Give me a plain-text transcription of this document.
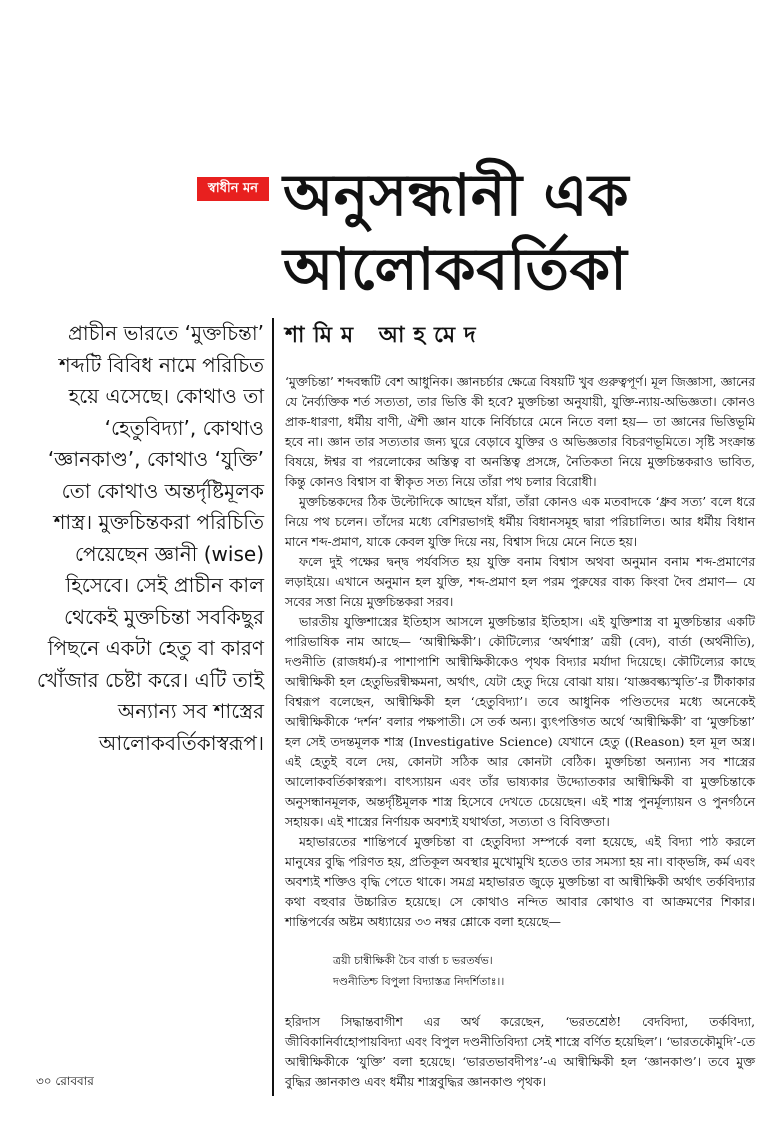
স্বাধীন মন অনুসন্ধানী এক
আলোকবর্তিকা
শামিম আহমেদ
প্রাচীন ভারতে ‘মুক্তচিন্তা’ শব্দটি বিবিধ নামে পরিচিত হয়ে এসেছে। কোথাও তা ‘হেতুবিদ্যা’, কোথাও ‘জ্ঞানকাণ্ড’, কোথাও ‘যুক্তি’ তো কোথাও অন্তর্দৃষ্টিমূলক শাস্ত্র। মুক্তচিন্তকরা পরিচিতি পেয়েছেন জ্ঞানী (wise) হিসেবে। সেই প্রাচীন কাল থেকেই মুক্তচিন্তা সবকিছুর পিছনে একটা হেতু বা কারণ খোঁজার চেষ্টা করে। এটি তাই অন্যান্য সব শাস্ত্রের আলোকবর্তিকাস্বরূপ।

‘মুক্তচিন্তা’ শব্দবন্ধটি বেশ আধুনিক। জ্ঞানচর্চার ক্ষেত্রে বিষয়টি খুব গুরুত্বপূর্ণ। মূল জিজ্ঞাসা, জ্ঞানের যে নৈর্ব্যক্তিক শর্ত সত্যতা, তার ভিত্তি কী হবে? মুক্তচিন্তা অনুযায়ী, যুক্তি-ন্যায়-অভিজ্ঞতা। কোনও প্রাক-ধারণা, ধর্মীয় বাণী, ঐশী জ্ঞান যাকে নির্বিচারে মেনে নিতে বলা হয়— তা জ্ঞানের ভিত্তিভূমি হবে না। জ্ঞান তার সত্যতার জন্য ঘুরে বেড়াবে যুক্তির ও অভিজ্ঞতার বিচরণভূমিতে। সৃষ্টি সংক্রান্ত বিষয়ে, ঈশ্বর বা পরলোকের অস্তিত্ব বা অনস্তিত্ব প্রসঙ্গে, নৈতিকতা নিয়ে মুক্তচিন্তকরাও ভাবিত, কিন্তু কোনও বিশ্বাস বা স্বীকৃত সত্য নিয়ে তাঁরা পথ চলার বিরোধী।

মুক্তচিন্তকদের ঠিক উল্টোদিকে আছেন যাঁরা, তাঁরা কোনও এক মতবাদকে ‘ধ্রুব সত্য’ বলে ধরে নিয়ে পথ চলেন। তাঁদের মধ্যে বেশিরভাগই ধর্মীয় বিধানসমূহ দ্বারা পরিচালিত। আর ধর্মীয় বিধান মানে শব্দ-প্রমাণ, যাকে কেবল যুক্তি দিয়ে নয়, বিশ্বাস দিয়ে মেনে নিতে হয়।

ফলে দুই পক্ষের দ্বন্দ্ব পর্যবসিত হয় যুক্তি বনাম বিশ্বাস অথবা অনুমান বনাম শব্দ-প্রমাণের লড়াইয়ে। এখানে অনুমান হল যুক্তি, শব্দ-প্রমাণ হল পরম পুরুষের বাক্য কিংবা দৈব প্রমাণ— যে সবের সত্তা নিয়ে মুক্তচিন্তকরা সরব।

ভারতীয় যুক্তিশাস্ত্রের ইতিহাস আসলে মুক্তচিন্তার ইতিহাস। এই যুক্তিশাস্ত্র বা মুক্তচিন্তার একটি পারিভাষিক নাম আছে— ‘আন্বীক্ষিকী’। কৌটিল্যের ‘অর্থশাস্ত্র’ ত্রয়ী (বেদ), বার্তা (অর্থনীতি), দণ্ডনীতি (রাজধর্ম)-র পাশাপাশি আন্বীক্ষিকীকেও পৃথক বিদ্যার মর্যাদা দিয়েছে। কৌটিল্যের কাছে আন্বীক্ষিকী হল হেতুভিরন্বীক্ষমনা, অর্থাৎ, যেটা হেতু দিয়ে বোঝা যায়। ‘যাজ্ঞবল্ক্যস্মৃতি’-র টীকাকার বিশ্বরূপ বলেছেন, আন্বীক্ষিকী হল ‘হেতুবিদ্যা’। তবে আধুনিক পণ্ডিতদের মধ্যে অনেকেই আন্বীক্ষিকীকে ‘দর্শন’ বলার পক্ষপাতী। সে তর্ক অন্য। ব্যুৎপত্তিগত অর্থে ‘আন্বীক্ষিকী’ বা ‘মুক্তচিন্তা’ হল সেই তদন্তমূলক শাস্ত্র (Investigative Science) যেখানে হেতু ((Reason) হল মূল অস্ত্র। এই হেতুই বলে দেয়, কোনটা সঠিক আর কোনটা বেঠিক। মুক্তচিন্তা অন্যান্য সব শাস্ত্রের আলোকবর্তিকাস্বরূপ। বাৎস্যায়ন এবং তাঁর ভাষ্যকার উদ্দ্যোতকার আন্বীক্ষিকী বা মুক্তচিন্তাকে অনুসন্ধানমূলক, অন্তর্দৃষ্টিমূলক শাস্ত্র হিসেবে দেখতে চেয়েছেন। এই শাস্ত্র পুনর্মূল্যায়ন ও পুনর্গঠনে সহায়ক। এই শাস্ত্রের নির্ণায়ক অবশ্যই যথার্থতা, সত্যতা ও বিবিক্ততা।

মহাভারতের শান্তিপর্বে মুক্তচিন্তা বা হেতুবিদ্যা সম্পর্কে বলা হয়েছে, এই বিদ্যা পাঠ করলে মানুষের বুদ্ধি পরিণত হয়, প্রতিকূল অবস্থার মুখোমুখি হতেও তার সমস্যা হয় না। বাক্‌ভঙ্গি, কর্ম এবং অবশ্যই শক্তিও বৃদ্ধি পেতে থাকে। সমগ্র মহাভারত জুড়ে মুক্তচিন্তা বা আন্বীক্ষিকী অর্থাৎ তর্কবিদ্যার কথা বহুবার উচ্চারিত হয়েছে। সে কোথাও নন্দিত আবার কোথাও বা আক্রমণের শিকার। শান্তিপর্বের অষ্টম অধ্যায়ের ৩৩ নম্বর শ্লোকে বলা হয়েছে—

ত্রয়ী চান্বীক্ষিকী চৈব বার্ত্তা চ ভরতর্ষভ।
দণ্ডনীতিশ্চ বিপুলা বিদ্যাস্তত্র নিদর্শিতাঃ।।

হরিদাস সিদ্ধান্তবাগীশ এর অর্থ করেছেন, ‘ভরতশ্রেষ্ঠ! বেদবিদ্যা, তর্কবিদ্যা, জীবিকানির্বাহোপায়বিদ্যা এবং বিপুল দণ্ডনীতিবিদ্যা সেই শাস্ত্রে বর্ণিত হয়েছিল’। ‘ভারতকৌমুদি’-তে আন্বীক্ষিকীকে ‘যুক্তি’ বলা হয়েছে। ‘ভারতভাবদীপঃ’-এ আন্বীক্ষিকী হল ‘জ্ঞানকাণ্ড’। তবে মুক্ত বুদ্ধির জ্ঞানকাণ্ড এবং ধর্মীয় শাস্ত্রবুদ্ধির জ্ঞানকাণ্ড পৃথক।

৩০ রোববার
